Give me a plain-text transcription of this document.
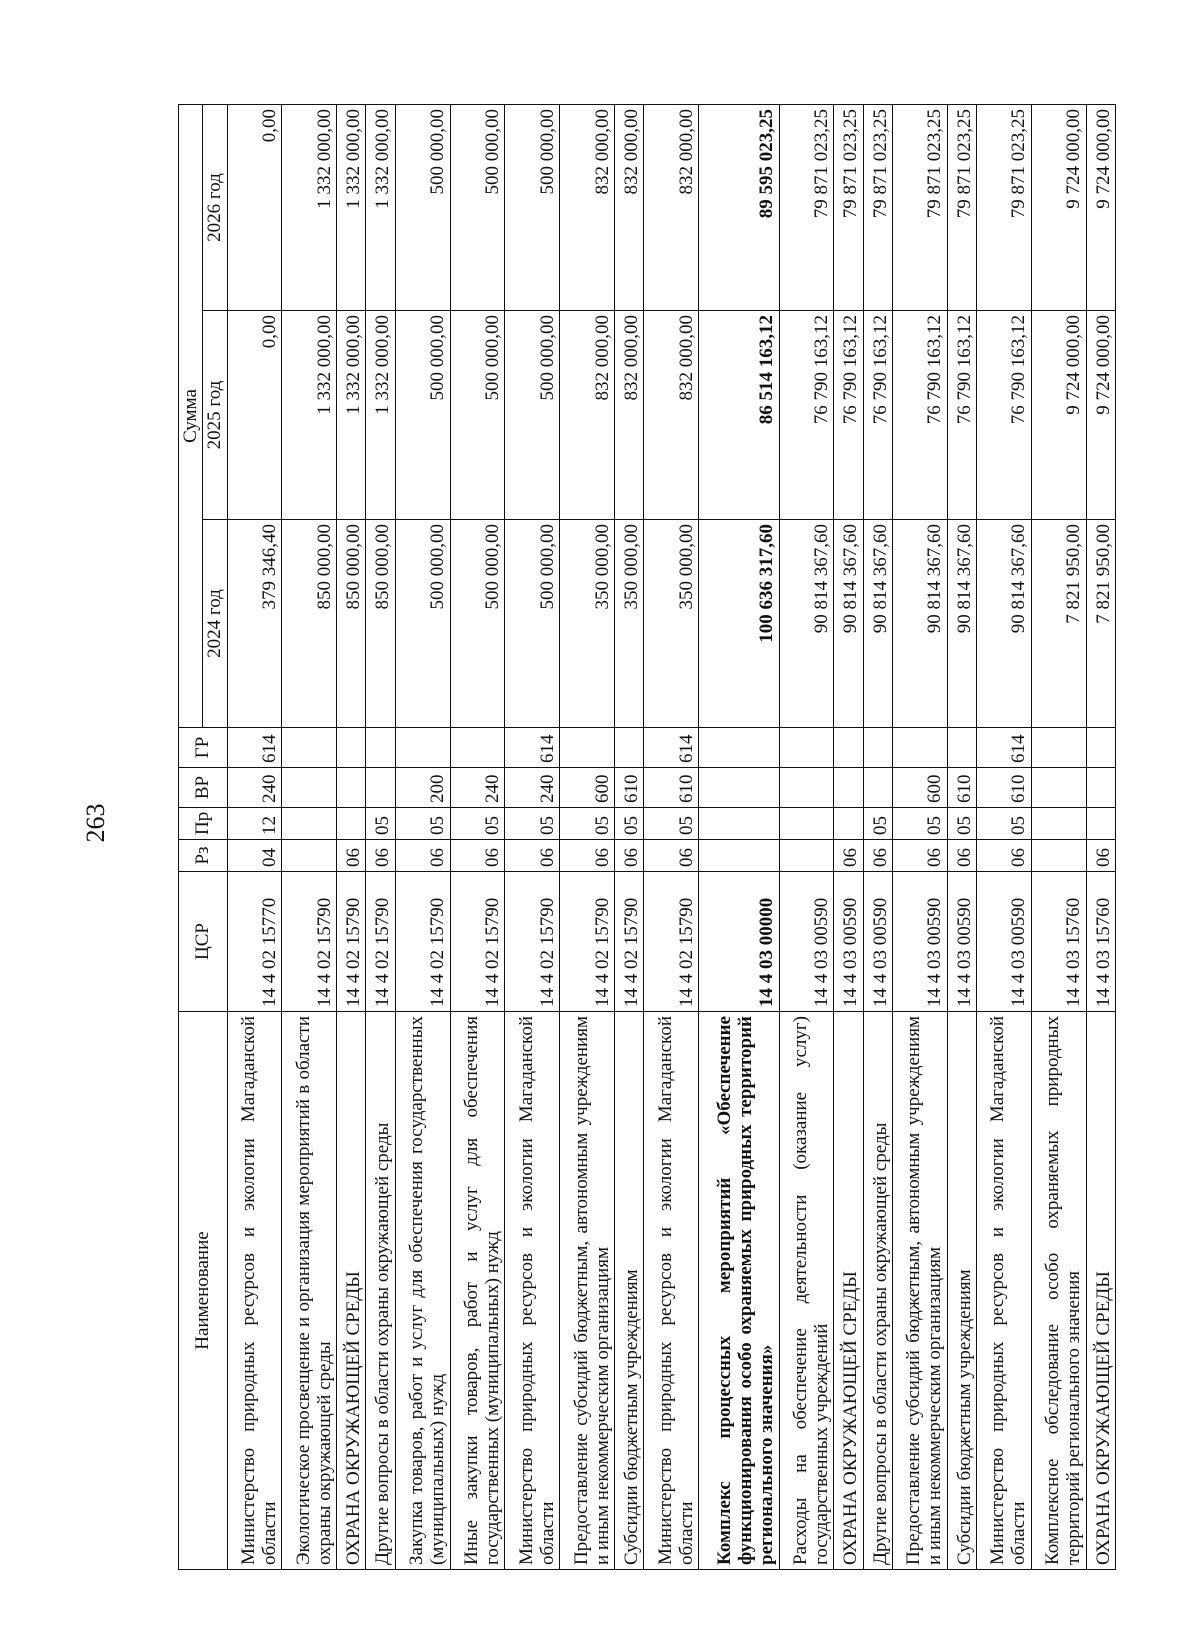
263
Наименование	ЦСР	Рз	Пр	ВР	ГР	Сумма		
						2024 год	2025 год	2026 год
Министерство природных ресурсов и экологии Магаданской области	14 4 02 15770	04	12	240	614	379 346,40	0,00	0,00
Экологическое просвещение и организация мероприятий в области охраны окружающей среды	14 4 02 15790					850 000,00	1 332 000,00	1 332 000,00
ОХРАНА ОКРУЖАЮЩЕЙ СРЕДЫ	14 4 02 15790	06				850 000,00	1 332 000,00	1 332 000,00
Другие вопросы в области охраны окружающей среды	14 4 02 15790	06	05			850 000,00	1 332 000,00	1 332 000,00
Закупка товаров, работ и услуг для обеспечения государственных (муниципальных) нужд	14 4 02 15790	06	05	200		500 000,00	500 000,00	500 000,00
Иные закупки товаров, работ и услуг для обеспечения государственных (муниципальных) нужд	14 4 02 15790	06	05	240		500 000,00	500 000,00	500 000,00
Министерство природных ресурсов и экологии Магаданской области	14 4 02 15790	06	05	240	614	500 000,00	500 000,00	500 000,00
Предоставление субсидий бюджетным, автономным учреждениям и иным некоммерческим организациям	14 4 02 15790	06	05	600		350 000,00	832 000,00	832 000,00
Субсидии бюджетным учреждениям	14 4 02 15790	06	05	610		350 000,00	832 000,00	832 000,00
Министерство природных ресурсов и экологии Магаданской области	14 4 02 15790	06	05	610	614	350 000,00	832 000,00	832 000,00
Комплекс процессных мероприятий «Обеспечение функционирования особо охраняемых природных территорий регионального значения»	14 4 03 00000					100 636 317,60	86 514 163,12	89 595 023,25
Расходы на обеспечение деятельности (оказание услуг) государственных учреждений	14 4 03 00590					90 814 367,60	76 790 163,12	79 871 023,25
ОХРАНА ОКРУЖАЮЩЕЙ СРЕДЫ	14 4 03 00590	06				90 814 367,60	76 790 163,12	79 871 023,25
Другие вопросы в области охраны окружающей среды	14 4 03 00590	06	05			90 814 367,60	76 790 163,12	79 871 023,25
Предоставление субсидий бюджетным, автономным учреждениям и иным некоммерческим организациям	14 4 03 00590	06	05	600		90 814 367,60	76 790 163,12	79 871 023,25
Субсидии бюджетным учреждениям	14 4 03 00590	06	05	610		90 814 367,60	76 790 163,12	79 871 023,25
Министерство природных ресурсов и экологии Магаданской области	14 4 03 00590	06	05	610	614	90 814 367,60	76 790 163,12	79 871 023,25
Комплексное обследование особо охраняемых природных территорий регионального значения	14 4 03 15760					7 821 950,00	9 724 000,00	9 724 000,00
ОХРАНА ОКРУЖАЮЩЕЙ СРЕДЫ	14 4 03 15760	06				7 821 950,00	9 724 000,00	9 724 000,00
